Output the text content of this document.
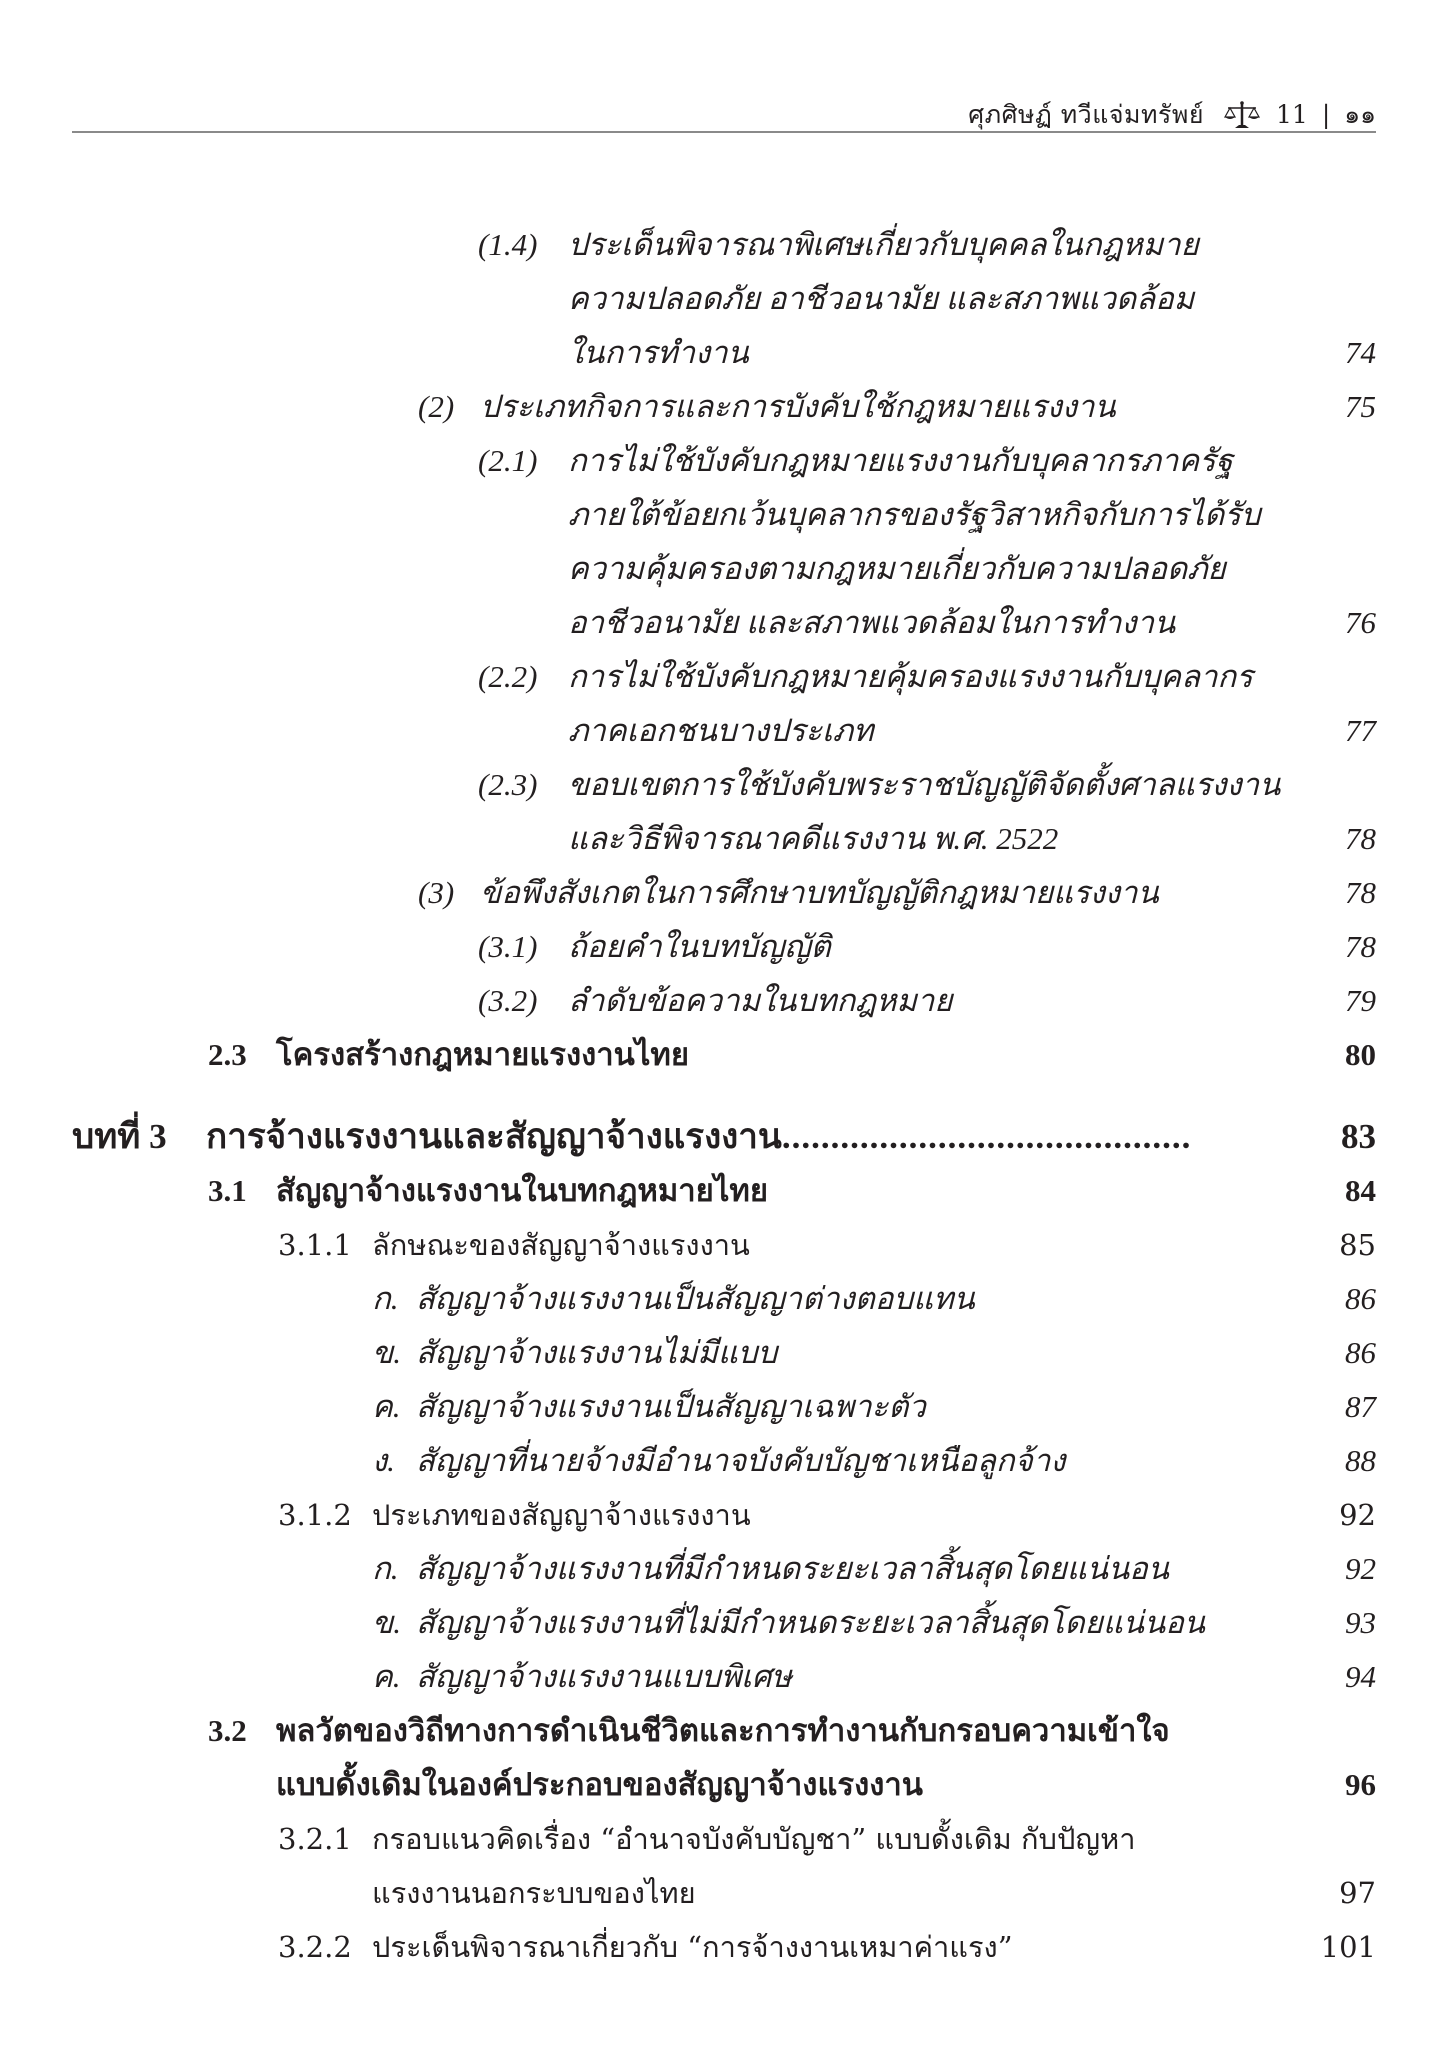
ศุภศิษฏ์ ทวีแจ่มทรัพย์	11 | ๑๑
(1.4) ประเด็นพิจารณาพิเศษเกี่ยวกับบุคคลในกฎหมาย
ความปลอดภัย อาชีวอนามัย และสภาพแวดล้อม
ในการทำงาน	74
(2) ประเภทกิจการและการบังคับใช้กฎหมายแรงงาน	75
(2.1) การไม่ใช้บังคับกฎหมายแรงงานกับบุคลากรภาครัฐ
ภายใต้ข้อยกเว้นบุคลากรของรัฐวิสาหกิจกับการได้รับ
ความคุ้มครองตามกฎหมายเกี่ยวกับความปลอดภัย
อาชีวอนามัย และสภาพแวดล้อมในการทำงาน	76
(2.2) การไม่ใช้บังคับกฎหมายคุ้มครองแรงงานกับบุคลากร
ภาคเอกชนบางประเภท	77
(2.3) ขอบเขตการใช้บังคับพระราชบัญญัติจัดตั้งศาลแรงงาน
และวิธีพิจารณาคดีแรงงาน พ.ศ. 2522	78
(3) ข้อพึงสังเกตในการศึกษาบทบัญญัติกฎหมายแรงงาน	78
(3.1) ถ้อยคำในบทบัญญัติ	78
(3.2) ลำดับข้อความในบทกฎหมาย	79
2.3 โครงสร้างกฎหมายแรงงานไทย	80
บทที่ 3 การจ้างแรงงานและสัญญาจ้างแรงงาน..........................................	83
3.1 สัญญาจ้างแรงงานในบทกฎหมายไทย	84
3.1.1 ลักษณะของสัญญาจ้างแรงงาน	85
ก. สัญญาจ้างแรงงานเป็นสัญญาต่างตอบแทน	86
ข. สัญญาจ้างแรงงานไม่มีแบบ	86
ค. สัญญาจ้างแรงงานเป็นสัญญาเฉพาะตัว	87
ง. สัญญาที่นายจ้างมีอำนาจบังคับบัญชาเหนือลูกจ้าง	88
3.1.2 ประเภทของสัญญาจ้างแรงงาน	92
ก. สัญญาจ้างแรงงานที่มีกำหนดระยะเวลาสิ้นสุดโดยแน่นอน	92
ข. สัญญาจ้างแรงงานที่ไม่มีกำหนดระยะเวลาสิ้นสุดโดยแน่นอน	93
ค. สัญญาจ้างแรงงานแบบพิเศษ	94
3.2 พลวัตของวิถีทางการดำเนินชีวิตและการทำงานกับกรอบความเข้าใจ
แบบดั้งเดิมในองค์ประกอบของสัญญาจ้างแรงงาน	96
3.2.1 กรอบแนวคิดเรื่อง “อำนาจบังคับบัญชา” แบบดั้งเดิม กับปัญหา
แรงงานนอกระบบของไทย	97
3.2.2 ประเด็นพิจารณาเกี่ยวกับ “การจ้างงานเหมาค่าแรง”	101
